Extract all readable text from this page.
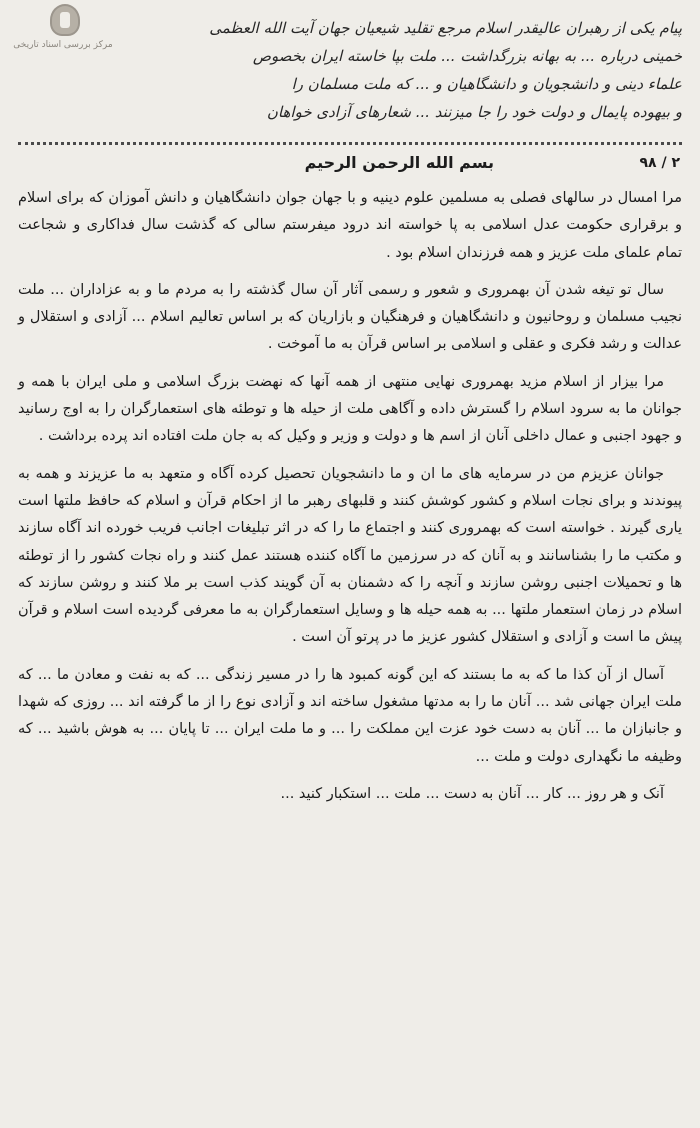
مرکز بررسی اسناد تاریخی

پیام یکی از رهبران عالیقدر اسلام مرجع تقلید شیعیان جهان آیت الله العظمی

خمینی درباره ... به بهانه بزرگداشت ... ملت بپا خاسته ایران بخصوص

علماء دینی و دانشجویان و دانشگاهیان و ... که ملت مسلمان را

و بیهوده پایمال و دولت خود را جا میزنند ... شعارهای آزادی خواهان

۲ / ۹۸
بسم الله الرحمن الرحیم

مرا امسال در سالهای فصلی به مسلمین علوم دینیه و با جهان جوان دانشگاهیان و دانش آموزان که برای اسلام و برقراری حکومت عدل اسلامی به پا خواسته اند درود میفرستم سالی که گذشت سال فداکاری و شجاعت تمام علمای ملت عزیز و همه فرزندان اسلام بود .

سال تو تیغه شدن آن بهمروری و شعور و رسمی آثار آن سال گذشته را به مردم ما و به عزاداران ... ملت نجیب مسلمان و روحانیون و دانشگاهیان و فرهنگیان و بازاریان که بر اساس تعالیم اسلام ... آزادی و استقلال و عدالت و رشد فکری و عقلی و اسلامی بر اساس قرآن به ما آموخت .

مرا بیزار از اسلام مزید بهمروری نهایی منتهی از همه آنها که نهضت بزرگ اسلامی و ملی ایران با همه و جوانان ما به سرود اسلام را گسترش داده و آگاهی ملت از حیله ها و توطئه های استعمارگران را به اوج رسانید و جهود اجنبی و عمال داخلی آنان از اسم ها و دولت و وزیر و وکیل که به جان ملت افتاده اند پرده برداشت .

جوانان عزیزم من در سرمایه های ما ان و ما دانشجویان تحصیل کرده آگاه و متعهد به ما عزیزند و همه به پیوندند و برای نجات اسلام و کشور کوشش کنند و قلبهای رهبر ما از احکام قرآن و اسلام که حافظ ملتها است یاری گیرند . خواسته است که بهمروری کنند و اجتماع ما را که در اثر تبلیغات اجانب فریب خورده اند آگاه سازند و مکتب ما را بشناسانند و به آنان که در سرزمین ما آگاه کننده هستند عمل کنند و راه نجات کشور را از توطئه ها و تحمیلات اجنبی روشن سازند و آنچه را که دشمنان به آن گویند کذب است بر ملا کنند و روشن سازند که اسلام در زمان استعمار ملتها ... به همه حیله ها و وسایل استعمارگران به ما معرفی گردیده است اسلام و قرآن پیش ما است و آزادی و استقلال کشور عزیز ما در پرتو آن است .

آسال از آن کذا ما که به ما بستند که این گونه کمبود ها را در مسیر زندگی ... که به نفت و معادن ما ... که ملت ایران جهانی شد ... آنان ما را به مدتها مشغول ساخته اند و آزادی نوع را از ما گرفته اند ... روزی که شهدا و جانبازان ما ... آنان به دست خود عزت این مملکت را ... و ما ملت ایران ... تا پایان ... به هوش باشید ... که وظیفه ما نگهداری دولت و ملت ...

آنک و هر روز ... کار ... آنان به دست ... ملت ... استکبار کنید ...
